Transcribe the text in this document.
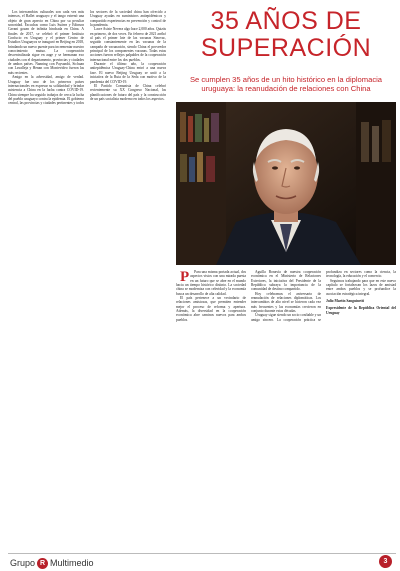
Los intercambios culturales son cada vez más intensos, el Ballet uruguayo y el tango estrenó una objeto de gran aprecio en China por su peculiar sonoridad. Escuchas como Luis Suárez y Edinson Cavani gozan de infinita hinchada en China. A finales de 2017, se celebró el primer Instituto Confucio en Uruguay y el primer Centro de Estudios Uruguayos se inauguró en Beijing en 2018, brindando un nuevo puente para incrementar nuestro conocimiento mutuo. La cooperación descentralizada sigue en auge y se hermanan exo ciudades con el departamento, provincias y ciudades de ambos países. Nanning con Paysandú, Sichuan con Lavalleja y Henan con Montevideo fueron las más recientes.

Amigo en la adversidad, amigo de verdad. Uruguay fue uno de los primeros países internacionales en expresar su solidaridad y brindar asistencia a China en la lucha contra COVID-19. China siempre ha seguido trabajos de cerca la lucha del pueblo uruguayo contra la epidemia. El gobierno central, las provincias y ciudades pertinentes y todos los sectores de la sociedad china han ofrecido a Uruguay ayudas en suministros antiepidémicos y compartido experiencias en prevención y control de la pandemia.

Lacre Asiste Nevera algo hace 2,000 años. Quizás en primero, de dos veces. En febrero de 2021 arribó al país el primer lote de las vacunas Sinovac, seguido constantemente en las vacunas de la campaña de vacunación, siendo China el proveedor principal de los componentes vacunas. Todas estas acciones fueron reflejos palpables de la cooperación internacional entre los dos pueblos.

Durante el último año, la cooperación antiepidémica Uruguay-China entró a una nueva fase. El nuevo Beijing Uruguay se unió a la iniciativa de la Ruta de la Seda con motivo de la pandemia del COVID-19.

El Partido Comunista de China celebró recientemente su XX Congreso Nacional, las planificaciones de futuro del país y la construcción de un país socialista moderno en todos los aspectos.

35 AÑOS DE
SUPERACIÓN
Se cumplen 35 años de un hito histórico en la diplomacia uruguaya: la reanudación de relaciones con China

P Para una misma portada actual, dos aspectos vistos con una mirada puesta en un futuro que se abre en el mundo hacia un tiempo histórico distinto. La sociedad china se moderniza con celeridad y la economía busca un desarrollo de alta calidad.

El país pertenece a un vecindario de relaciones amistosas, que permiten entender mejor el proceso de reforma y apertura. Además, la diversidad en la cooperación económica abre caminos nuevos para ambos pueblos.

Aguilla Bonavía de nuestra cooperación económica en el Ministerio de Relaciones Exteriores, la iniciativa del Presidente de la República subraya la importancia de la comunidad de destino compartido.

Hoy celebramos el aniversario de reanudación de relaciones diplomáticas. Los intercambios de alto nivel se hicieron cada vez más frecuentes y las economías crecieron en conjunto durante estas décadas.

Uruguay sigue siendo un socio confiable y un amigo sincero. La cooperación práctica se profundiza en sectores como la ciencia, la tecnología, la educación y el comercio.

Seguimos trabajando para que en este nuevo capítulo se fortalezcan los lazos de amistad entre ambos pueblos y se profundice la asociación estratégica integral.

Julio Martín Sanguinetti

Expresidente de la República Oriental del Uruguay

Grupo R Multimedio	3
